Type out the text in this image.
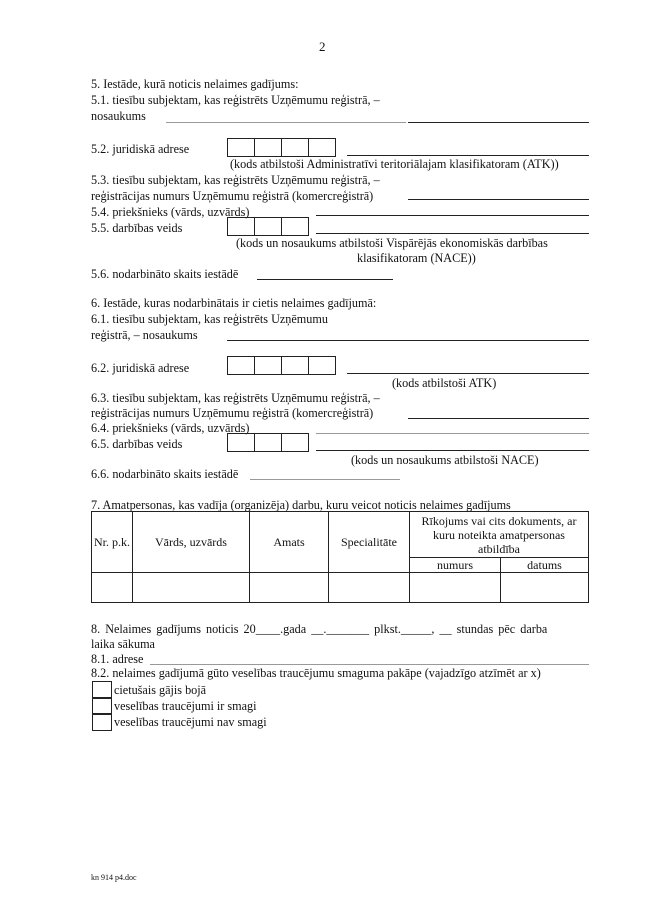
2
5. Iestāde, kurā noticis nelaimes gadījums:
5.1. tiesību subjektam, kas reģistrēts Uzņēmumu reģistrā, –
nosaukums
5.2. juridiskā adrese
(kods atbilstoši Administratīvi teritoriālajam klasifikatoram (ATK))
5.3. tiesību subjektam, kas reģistrēts Uzņēmumu reģistrā, –
reģistrācijas numurs Uzņēmumu reģistrā (komercreģistrā)
5.4. priekšnieks (vārds, uzvārds)
5.5. darbības veids
(kods un nosaukums atbilstoši Vispārējās ekonomiskās darbības
klasifikatoram (NACE))
5.6. nodarbināto skaits iestādē
6. Iestāde, kuras nodarbinātais ir cietis nelaimes gadījumā:
6.1. tiesību subjektam, kas reģistrēts Uzņēmumu
reģistrā, – nosaukums
6.2. juridiskā adrese
(kods atbilstoši ATK)
6.3. tiesību subjektam, kas reģistrēts Uzņēmumu reģistrā, –
reģistrācijas numurs Uzņēmumu reģistrā (komercreģistrā)
6.4. priekšnieks (vārds, uzvārds)
6.5. darbības veids
(kods un nosaukums atbilstoši NACE)
6.6. nodarbināto skaits iestādē
7. Amatpersonas, kas vadīja (organizēja) darbu, kuru veicot noticis nelaimes gadījums
Nr. p.k.	Vārds, uzvārds	Amats	Specialitāte	Rīkojums vai cits dokuments, ar kuru noteikta amatpersonas atbildība	
				numurs	datums

8. Nelaimes gadījums noticis 20____.gada __._______ plkst._____, __ stundas pēc darba
laika sākuma
8.1. adrese
8.2. nelaimes gadījumā gūto veselības traucējumu smaguma pakāpe (vajadzīgo atzīmēt ar x)
cietušais gājis bojā
veselības traucējumi ir smagi
veselības traucējumi nav smagi
kn 914 p4.doc
